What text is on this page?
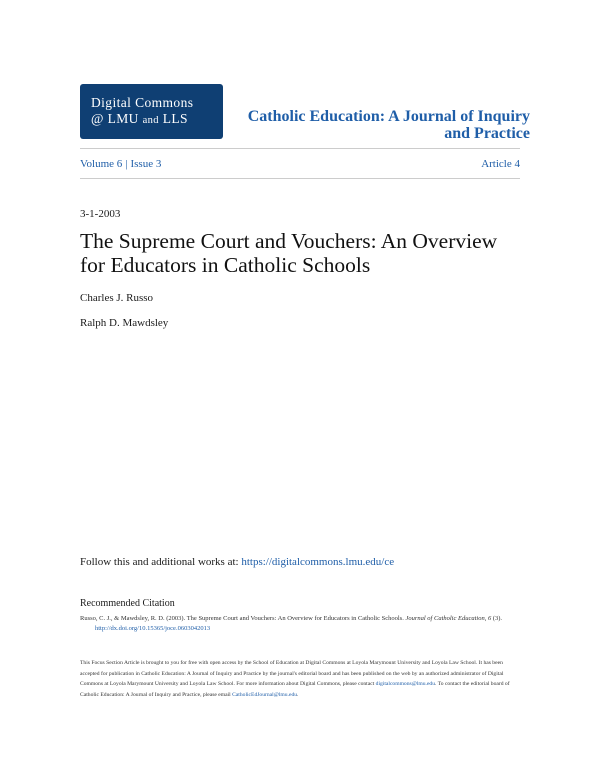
Digital Commons
@ LMU and LLS	Catholic Education: A Journal of Inquiry
and Practice
Volume 6 | Issue 3	Article 4
3-1-2003
The Supreme Court and Vouchers: An Overview
for Educators in Catholic Schools
Charles J. Russo
Ralph D. Mawdsley
Follow this and additional works at: https://digitalcommons.lmu.edu/ce
Recommended Citation
Russo, C. J., & Mawdsley, R. D. (2003). The Supreme Court and Vouchers: An Overview for Educators in Catholic Schools. Journal of Catholic Education, 6 (3). http://dx.doi.org/10.15365/joce.0603042013
This Focus Section Article is brought to you for free with open access by the School of Education at Digital Commons at Loyola Marymount University and Loyola Law School. It has been accepted for publication in Catholic Education: A Journal of Inquiry and Practice by the journal's editorial board and has been published on the web by an authorized administrator of Digital Commons at Loyola Marymount University and Loyola Law School. For more information about Digital Commons, please contact digitalcommons@lmu.edu. To contact the editorial board of Catholic Education: A Journal of Inquiry and Practice, please email CatholicEdJournal@lmu.edu.
